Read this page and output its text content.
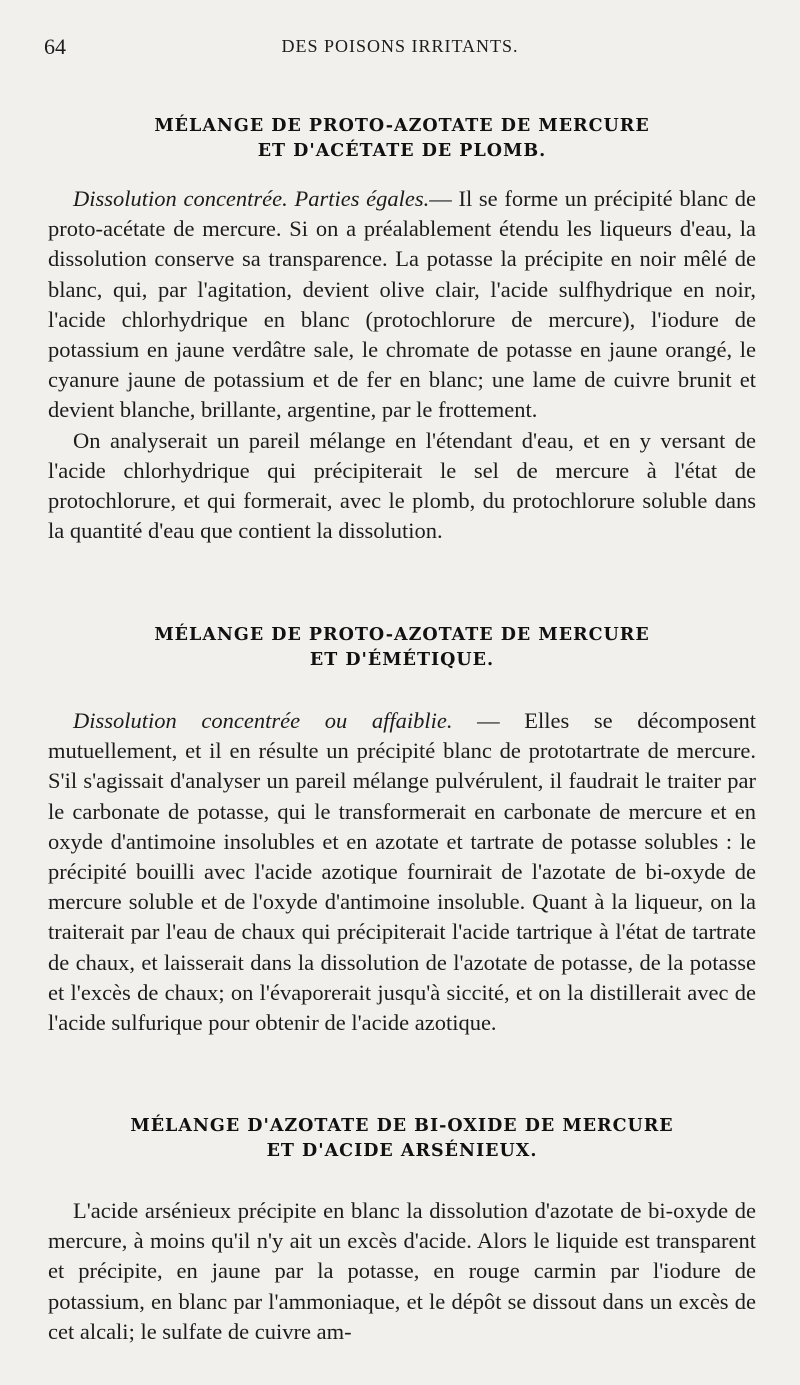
64	DES POISONS IRRITANTS.
MÉLANGE DE PROTO-AZOTATE DE MERCURE
ET D'ACÉTATE DE PLOMB.

Dissolution concentrée. Parties égales.— Il se forme un précipité blanc de proto-acétate de mercure. Si on a préalablement étendu les liqueurs d'eau, la dissolution conserve sa transparence. La potasse la précipite en noir mêlé de blanc, qui, par l'agitation, devient olive clair, l'acide sulfhydrique en noir, l'acide chlorhydrique en blanc (protochlorure de mercure), l'iodure de potassium en jaune verdâtre sale, le chromate de potasse en jaune orangé, le cyanure jaune de potassium et de fer en blanc; une lame de cuivre brunit et devient blanche, brillante, argentine, par le frottement.

On analyserait un pareil mélange en l'étendant d'eau, et en y versant de l'acide chlorhydrique qui précipiterait le sel de mercure à l'état de protochlorure, et qui formerait, avec le plomb, du protochlorure soluble dans la quantité d'eau que contient la dissolution.

MÉLANGE DE PROTO-AZOTATE DE MERCURE
ET D'ÉMÉTIQUE.

Dissolution concentrée ou affaiblie. — Elles se décomposent mutuellement, et il en résulte un précipité blanc de prototartrate de mercure. S'il s'agissait d'analyser un pareil mélange pulvérulent, il faudrait le traiter par le carbonate de potasse, qui le transformerait en carbonate de mercure et en oxyde d'antimoine insolubles et en azotate et tartrate de potasse solubles : le précipité bouilli avec l'acide azotique fournirait de l'azotate de bi-oxyde de mercure soluble et de l'oxyde d'antimoine insoluble. Quant à la liqueur, on la traiterait par l'eau de chaux qui précipiterait l'acide tartrique à l'état de tartrate de chaux, et laisserait dans la dissolution de l'azotate de potasse, de la potasse et l'excès de chaux; on l'évaporerait jusqu'à siccité, et on la distillerait avec de l'acide sulfurique pour obtenir de l'acide azotique.

MÉLANGE D'AZOTATE DE BI-OXIDE DE MERCURE
ET D'ACIDE ARSÉNIEUX.

L'acide arsénieux précipite en blanc la dissolution d'azotate de bi-oxyde de mercure, à moins qu'il n'y ait un excès d'acide. Alors le liquide est transparent et précipite, en jaune par la potasse, en rouge carmin par l'iodure de potassium, en blanc par l'ammoniaque, et le dépôt se dissout dans un excès de cet alcali; le sulfate de cuivre am-
